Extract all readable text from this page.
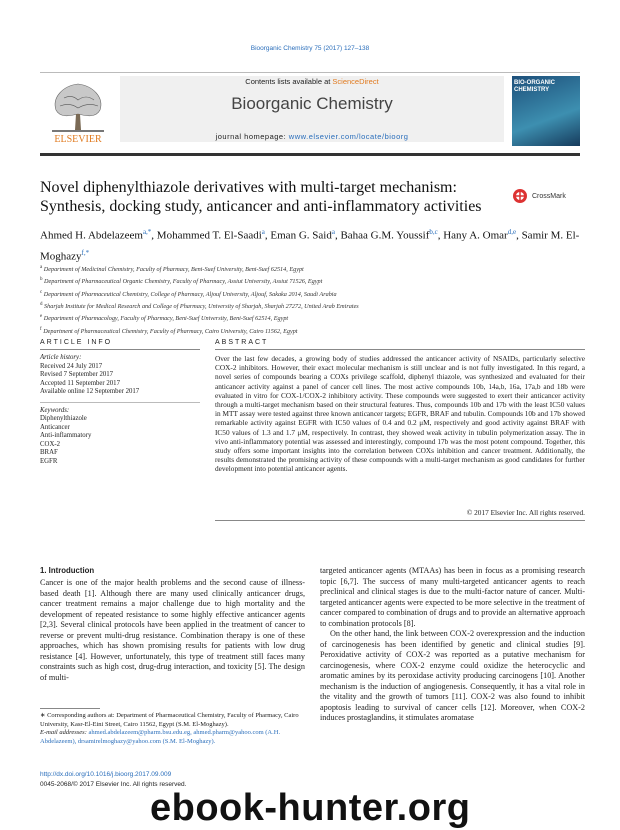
Bioorganic Chemistry 75 (2017) 127–138
ELSEVIER
Contents lists available at ScienceDirect
Bioorganic Chemistry
journal homepage: www.elsevier.com/locate/bioorg
BIO-ORGANIC CHEMISTRY
Novel diphenylthiazole derivatives with multi-target mechanism: Synthesis, docking study, anticancer and anti-inflammatory activities
CrossMark
Ahmed H. Abdelazeem$^{a,*}$, Mohammed T. El-Saadi$^a$, Eman G. Said$^a$, Bahaa G.M. Youssif$^{b,c}$, Hany A. Omar$^{d,e}$, Samir M. El-Moghazy$^{f,*}$
$^a$ Department of Medicinal Chemistry, Faculty of Pharmacy, Beni-Suef University, Beni-Suef 62514, Egypt
$^b$ Department of Pharmaceutical Organic Chemistry, Faculty of Pharmacy, Assiut University, Assiut 71526, Egypt
$^c$ Department of Pharmaceutical Chemistry, College of Pharmacy, Aljouf University, Aljouf, Sakaka 2014, Saudi Arabia
$^d$ Sharjah Institute for Medical Research and College of Pharmacy, University of Sharjah, Sharjah 27272, United Arab Emirates
$^e$ Department of Pharmacology, Faculty of Pharmacy, Beni-Suef University, Beni-Suef 62514, Egypt
$^f$ Department of Pharmaceutical Chemistry, Faculty of Pharmacy, Cairo University, Cairo 11562, Egypt
ARTICLE INFO	ABSTRACT
Article history:
Received 24 July 2017
Revised 7 September 2017
Accepted 11 September 2017
Available online 12 September 2017
Keywords:
Diphenylthiazole
Anticancer
Anti-inflammatory
COX-2
BRAF
EGFR
Over the last few decades, a growing body of studies addressed the anticancer activity of NSAIDs, particularly selective COX-2 inhibitors. However, their exact molecular mechanism is still unclear and is not fully investigated. In this regard, a novel series of compounds bearing a COXs privilege scaffold, diphenyl thiazole, was synthesized and evaluated for their anticancer activity against a panel of cancer cell lines. The most active compounds 10b, 14a,b, 16a, 17a,b and 18b were evaluated in vitro for COX-1/COX-2 inhibitory activity. These compounds were suggested to exert their anticancer activity through a multi-target mechanism based on their structural features. Thus, compounds 10b and 17b with the least IC50 values in MTT assay were tested against three known anticancer targets; EGFR, BRAF and tubulin. Compounds 10b and 17b showed remarkable activity against EGFR with IC50 values of 0.4 and 0.2 μM, respectively and good activity against BRAF with IC50 values of 1.3 and 1.7 μM, respectively. In contrast, they showed weak activity in tubulin polymerization assay. The in vivo anti-inflammatory potential was assessed and interestingly, compound 17b was the most potent compound. Together, this study offers some important insights into the correlation between COXs inhibition and cancer treatment. Additionally, the results demonstrated the promising activity of these compounds with a multi-target mechanism as good candidates for further development into potential anticancer agents.
© 2017 Elsevier Inc. All rights reserved.
1. Introduction
Cancer is one of the major health problems and the second cause of illness-based death [1]. Although there are many used clinically anticancer drugs, cancer treatment remains a major challenge due to high mortality and the development of repeated resistance to some highly effective anticancer agents [2,3]. Several clinical protocols have been applied in the treatment of cancer to reverse or prevent multi-drug resistance. Combination therapy is one of these approaches, which has shown promising results for patients with low drug resistance [4]. However, unfortunately, this type of treatment still faces many constraints such as high cost, drug-drug interaction, and toxicity [5]. The design of multi-
targeted anticancer agents (MTAAs) has been in focus as a promising research topic [6,7]. The success of many multi-targeted anticancer agents to reach preclinical and clinical stages is due to the multi-factor nature of cancer. Multi-targeted anticancer agents were expected to be more selective in the treatment of cancer compared to combination of drugs and to provide an alternative approach to combination protocols [8].
On the other hand, the link between COX-2 overexpression and the induction of carcinogenesis has been identified by genetic and clinical studies [9]. Peroxidative activity of COX-2 was reported as a putative mechanism for carcinogenesis, where COX-2 enzyme could oxidize the heterocyclic and aromatic amines by its peroxidase activity producing carcinogens [10]. Another mechanism is the induction of angiogenesis. Consequently, it has a vital role in the vitality and the growth of tumors [11]. COX-2 was also found to inhibit apoptosis leading to survival of cancer cells [12]. Moreover, when COX-2 induces prostaglandins, it stimulates aromatase
∗ Corresponding authors at: Department of Pharmaceutical Chemistry, Faculty of Pharmacy, Cairo University, Kasr-El-Eini Street, Cairo 11562, Egypt (S.M. El-Moghazy).
E-mail addresses: ahmed.abdelazeem@pharm.bsu.edu.eg, ahmed.pharm@yahoo.com (A.H. Abdelazeem), drsamirelmoghazy@yahoo.com (S.M. El-Moghazy).
http://dx.doi.org/10.1016/j.bioorg.2017.09.009
0045-2068/© 2017 Elsevier Inc. All rights reserved.
ebook-hunter.org
